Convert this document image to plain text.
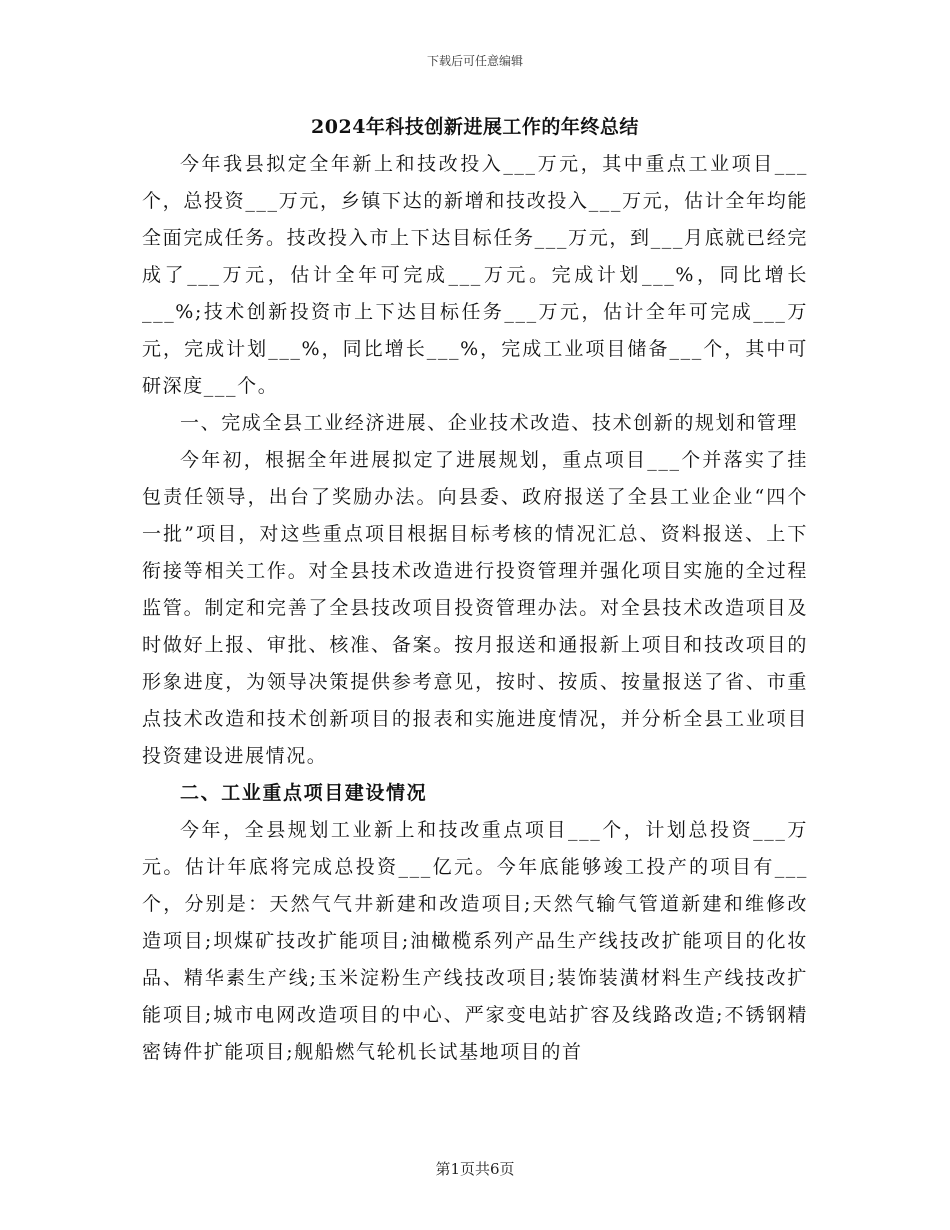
下载后可任意编辑
2024年科技创新进展工作的年终总结

今年我县拟定全年新上和技改投入___万元，其中重点工业项目___个，总投资___万元，乡镇下达的新增和技改投入___万元，估计全年均能全面完成任务。技改投入市上下达目标任务___万元，到___月底就已经完成了___万元，估计全年可完成___万元。完成计划___%，同比增长___%;技术创新投资市上下达目标任务___万元，估计全年可完成___万元，完成计划___%，同比增长___%，完成工业项目储备___个，其中可研深度___个。

一、完成全县工业经济进展、企业技术改造、技术创新的规划和管理

今年初，根据全年进展拟定了进展规划，重点项目___个并落实了挂包责任领导，出台了奖励办法。向县委、政府报送了全县工业企业“四个一批”项目，对这些重点项目根据目标考核的情况汇总、资料报送、上下衔接等相关工作。对全县技术改造进行投资管理并强化项目实施的全过程监管。制定和完善了全县技改项目投资管理办法。对全县技术改造项目及时做好上报、审批、核准、备案。按月报送和通报新上项目和技改项目的形象进度，为领导决策提供参考意见，按时、按质、按量报送了省、市重点技术改造和技术创新项目的报表和实施进度情况，并分析全县工业项目投资建设进展情况。

二、工业重点项目建设情况

今年，全县规划工业新上和技改重点项目___个，计划总投资___万元。估计年底将完成总投资___亿元。今年底能够竣工投产的项目有___个，分别是：天然气气井新建和改造项目;天然气输气管道新建和维修改造项目;坝煤矿技改扩能项目;油橄榄系列产品生产线技改扩能项目的化妆品、精华素生产线;玉米淀粉生产线技改项目;装饰装潢材料生产线技改扩能项目;城市电网改造项目的中心、严家变电站扩容及线路改造;不锈钢精密铸件扩能项目;舰船燃气轮机长试基地项目的首

第1页共6页
